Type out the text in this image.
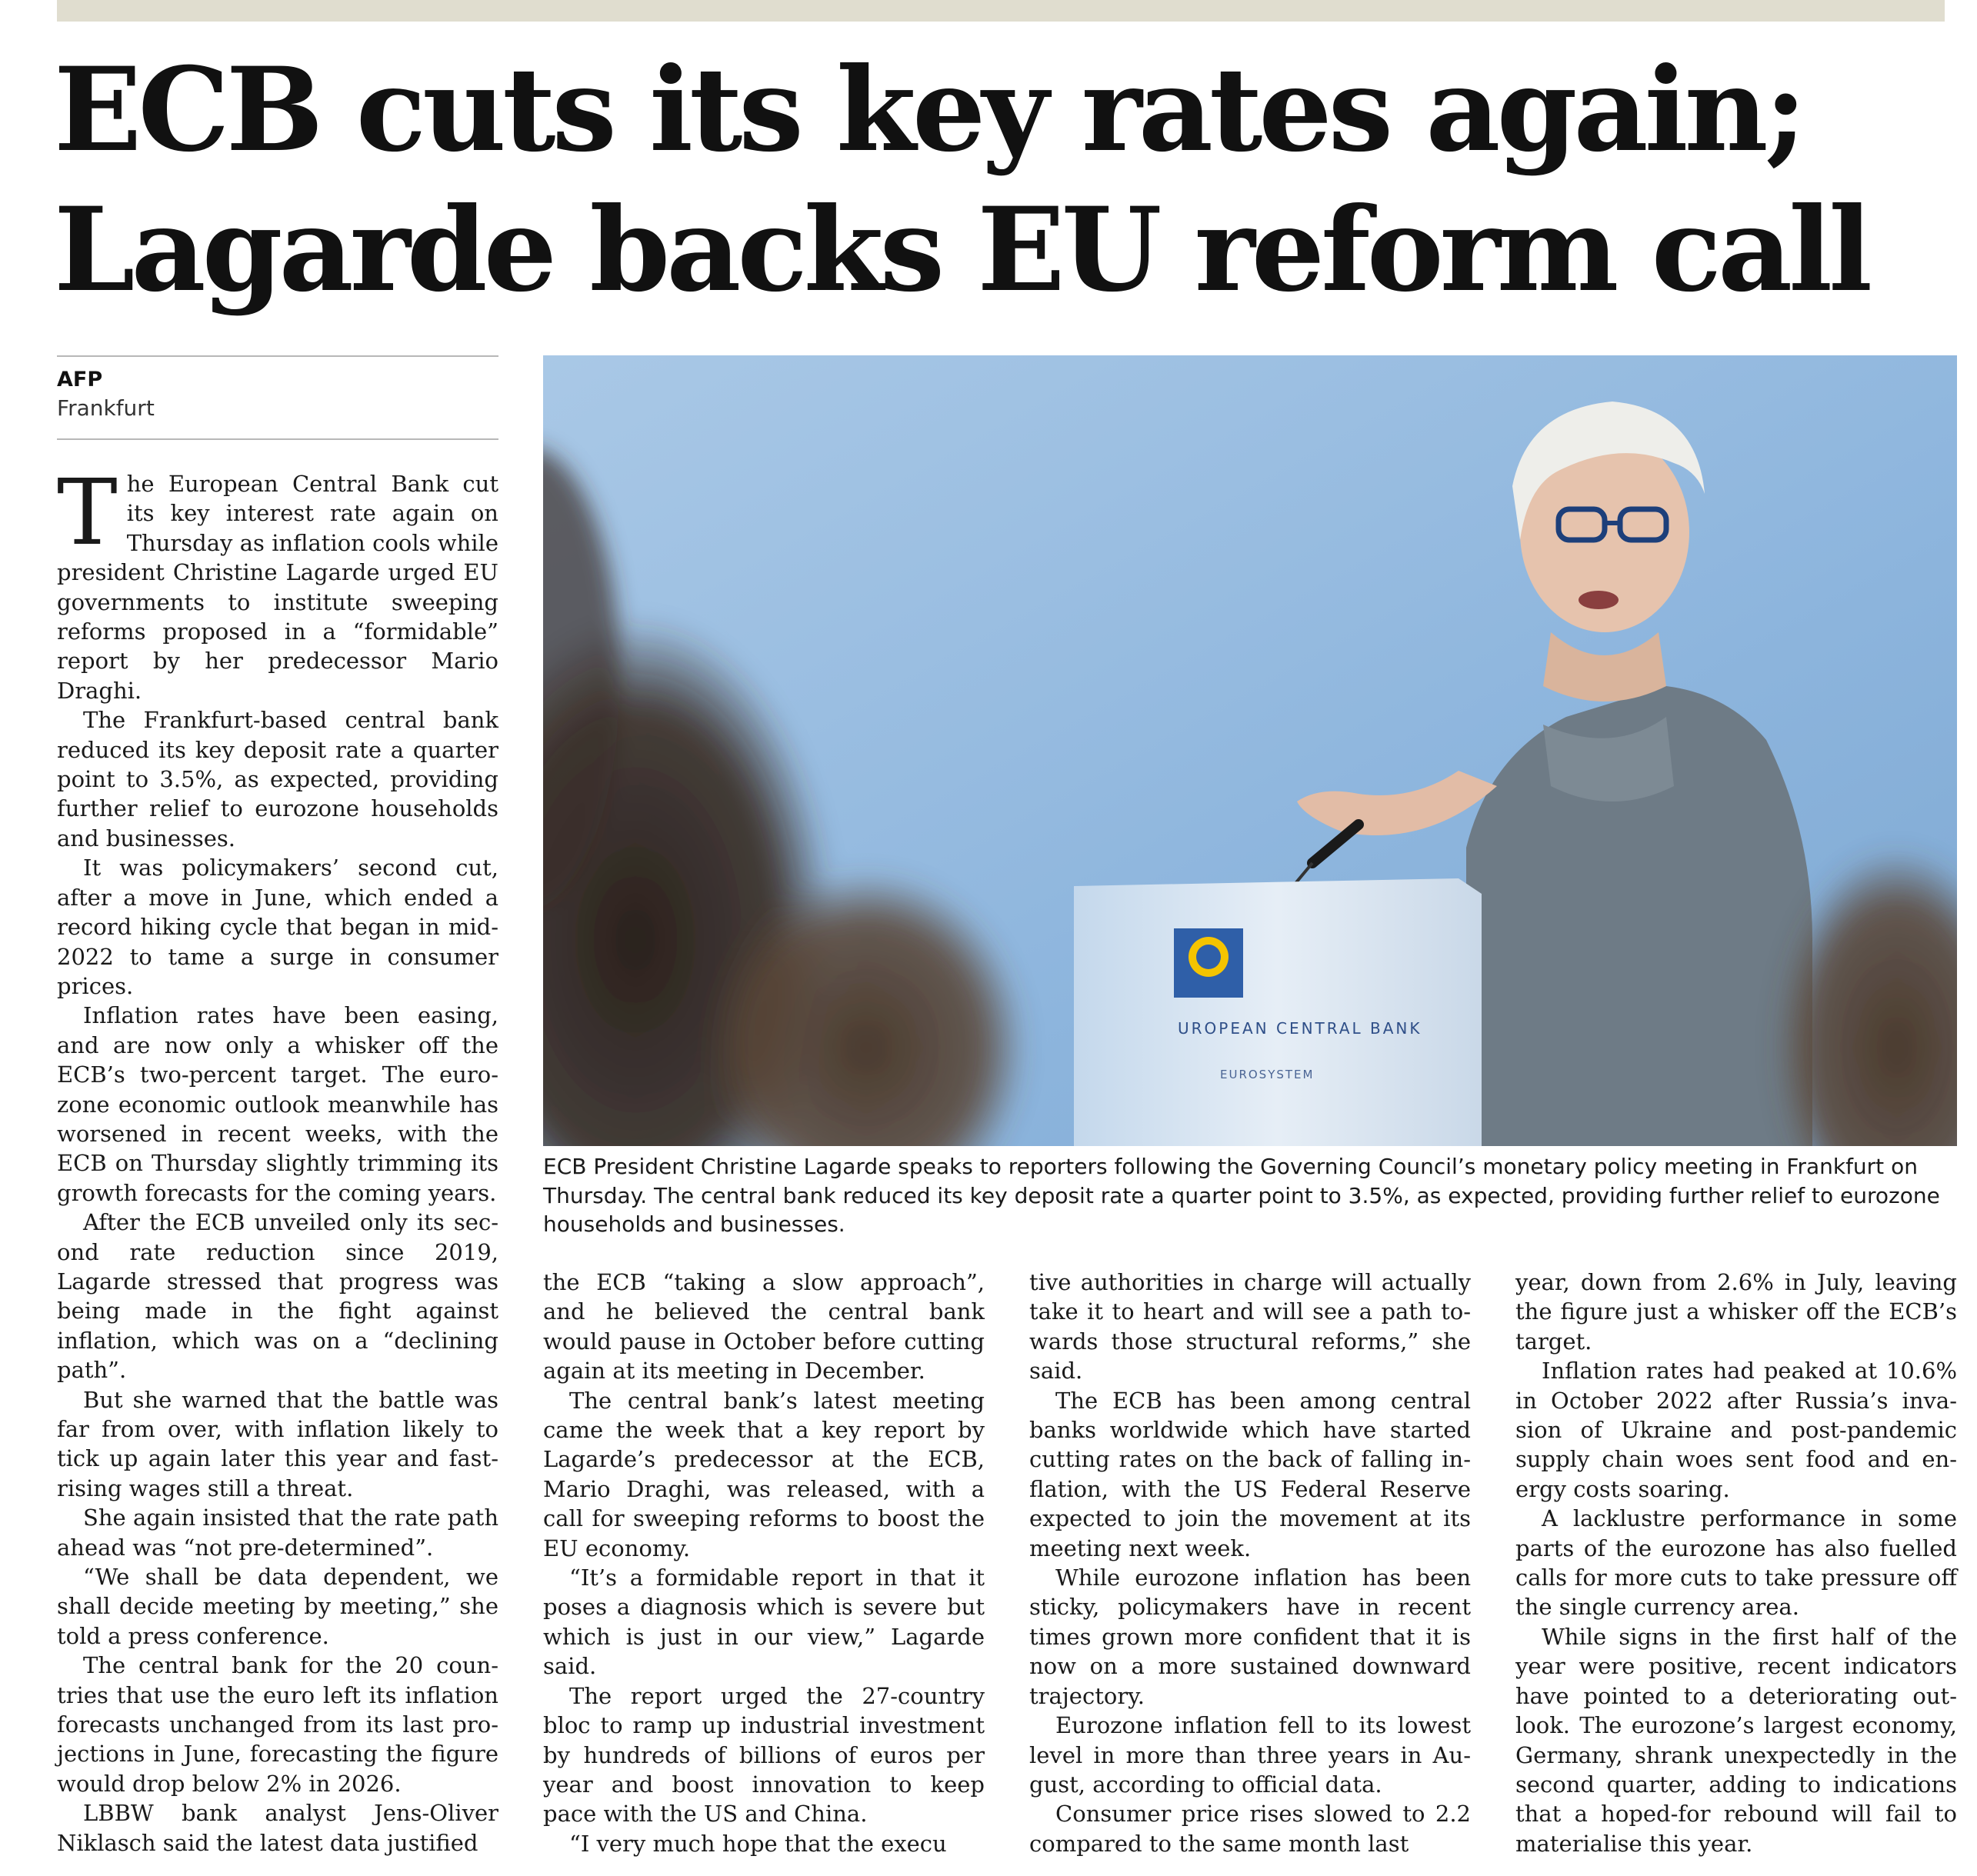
ECB cuts its key rates again;
Lagarde backs EU reform call
AFP
Frankfurt

The European Central Bank cut its key interest rate again on Thursday as inflation cools while president Christine Lagarde urged EU governments to institute sweeping reforms proposed in a “formidable” report by her predecessor Mario Draghi.

The Frankfurt-based central bank reduced its key deposit rate a quarter point to 3.5%, as expected, providing further relief to eurozone households and businesses.

It was policymakers’ second cut, after a move in June, which ended a record hiking cycle that began in mid-2022 to tame a surge in consumer prices.

Inflation rates have been easing, and are now only a whisker off the ECB’s two-percent target. The eurozone economic outlook meanwhile has worsened in recent weeks, with the ECB on Thursday slightly trimming its growth forecasts for the coming years.

After the ECB unveiled only its second rate reduction since 2019, Lagarde stressed that progress was being made in the fight against inflation, which was on a “declining path”.

But she warned that the battle was far from over, with inflation likely to tick up again later this year and fast-rising wages still a threat.

She again insisted that the rate path ahead was “not pre-determined”.

“We shall be data dependent, we shall decide meeting by meeting,” she told a press conference.

The central bank for the 20 countries that use the euro left its inflation forecasts unchanged from its last projections in June, forecasting the figure would drop below 2% in 2026.

LBBW bank analyst Jens-Oliver Niklasch said the latest data justified

UROPEAN CENTRAL BANK
EUROSYSTEM
ECB President Christine Lagarde speaks to reporters following the Governing Council’s monetary policy meeting in Frankfurt on Thursday. The central bank reduced its key deposit rate a quarter point to 3.5%, as expected, providing further relief to eurozone households and businesses.

the ECB “taking a slow approach”, and he believed the central bank would pause in October before cutting again at its meeting in December.

The central bank’s latest meeting came the week that a key report by Lagarde’s predecessor at the ECB, Mario Draghi, was released, with a call for sweeping reforms to boost the EU economy.

“It’s a formidable report in that it poses a diagnosis which is severe but which is just in our view,” Lagarde said.

The report urged the 27-country bloc to ramp up industrial investment by hundreds of billions of euros per year and boost innovation to keep pace with the US and China.

“I very much hope that the execu

tive authorities in charge will actually take it to heart and will see a path towards those structural reforms,” she said.

The ECB has been among central banks worldwide which have started cutting rates on the back of falling inflation, with the US Federal Reserve expected to join the movement at its meeting next week.

While eurozone inflation has been sticky, policymakers have in recent times grown more confident that it is now on a more sustained downward trajectory.

Eurozone inflation fell to its lowest level in more than three years in August, according to official data.

Consumer price rises slowed to 2.2 compared to the same month last

year, down from 2.6% in July, leaving the figure just a whisker off the ECB’s target.

Inflation rates had peaked at 10.6% in October 2022 after Russia’s invasion of Ukraine and post-pandemic supply chain woes sent food and energy costs soaring.

A lacklustre performance in some parts of the eurozone has also fuelled calls for more cuts to take pressure off the single currency area.

While signs in the first half of the year were positive, recent indicators have pointed to a deteriorating outlook. The eurozone’s largest economy, Germany, shrank unexpectedly in the second quarter, adding to indications that a hoped-for rebound will fail to materialise this year.
